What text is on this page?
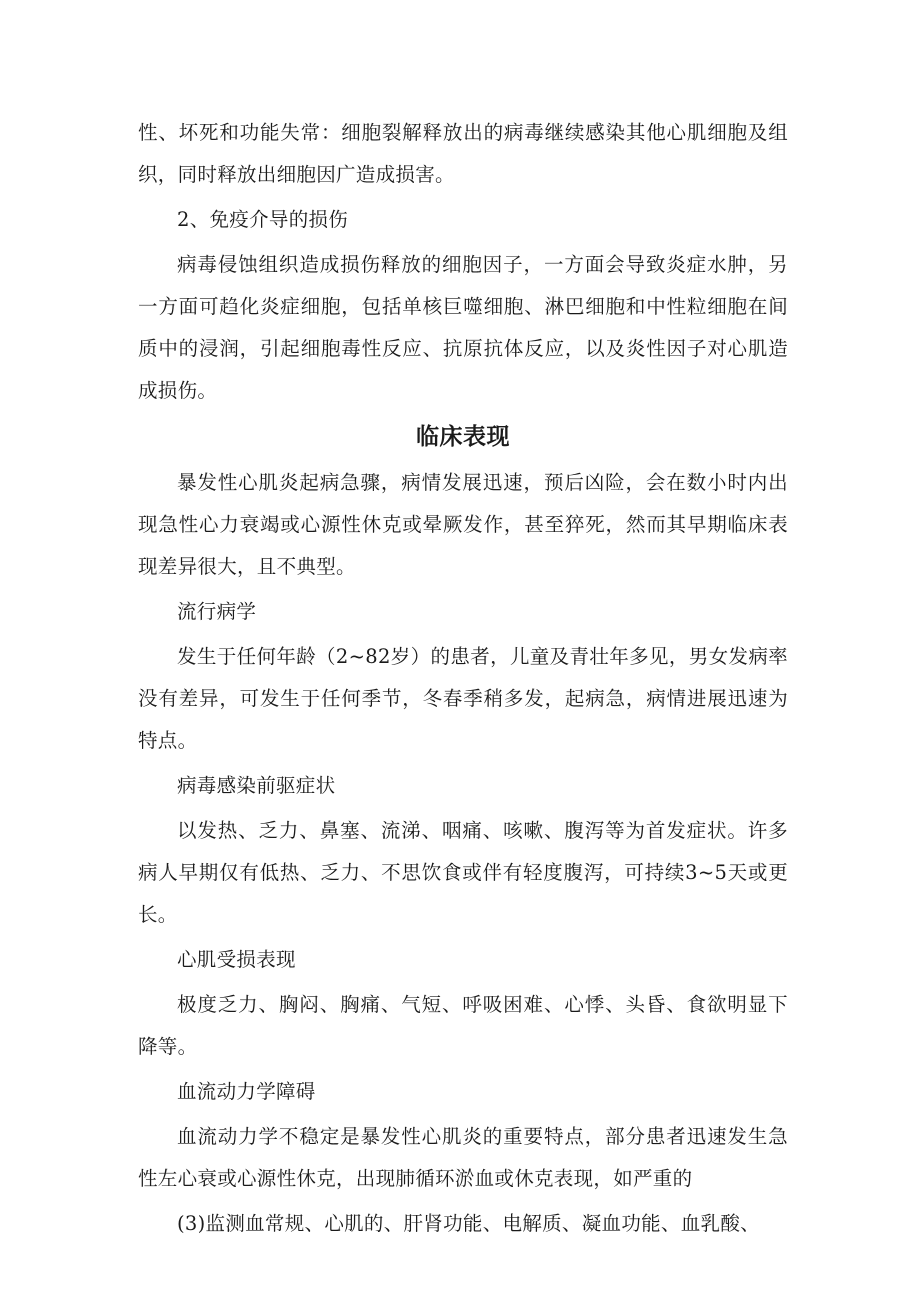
性、坏死和功能失常：细胞裂解释放出的病毒继续感染其他心肌细胞及组织，同时释放出细胞因广造成损害。

2、免疫介导的损伤

病毒侵蚀组织造成损伤释放的细胞因子，一方面会导致炎症水肿，另一方面可趋化炎症细胞，包括单核巨噬细胞、淋巴细胞和中性粒细胞在间质中的浸润，引起细胞毒性反应、抗原抗体反应，以及炎性因子对心肌造成损伤。

临床表现

暴发性心肌炎起病急骤，病情发展迅速，预后凶险，会在数小时内出现急性心力衰竭或心源性休克或晕厥发作，甚至猝死，然而其早期临床表现差异很大，且不典型。

流行病学

发生于任何年龄（2~82岁）的患者，儿童及青壮年多见，男女发病率没有差异，可发生于任何季节，冬春季稍多发，起病急，病情进展迅速为特点。

病毒感染前驱症状

以发热、乏力、鼻塞、流涕、咽痛、咳嗽、腹泻等为首发症状。许多病人早期仅有低热、乏力、不思饮食或伴有轻度腹泻，可持续3~5天或更长。

心肌受损表现

极度乏力、胸闷、胸痛、气短、呼吸困难、心悸、头昏、食欲明显下降等。

血流动力学障碍

血流动力学不稳定是暴发性心肌炎的重要特点，部分患者迅速发生急性左心衰或心源性休克，出现肺循环淤血或休克表现，如严重的

(3)监测血常规、心肌的、肝肾功能、电解质、凝血功能、血乳酸、
